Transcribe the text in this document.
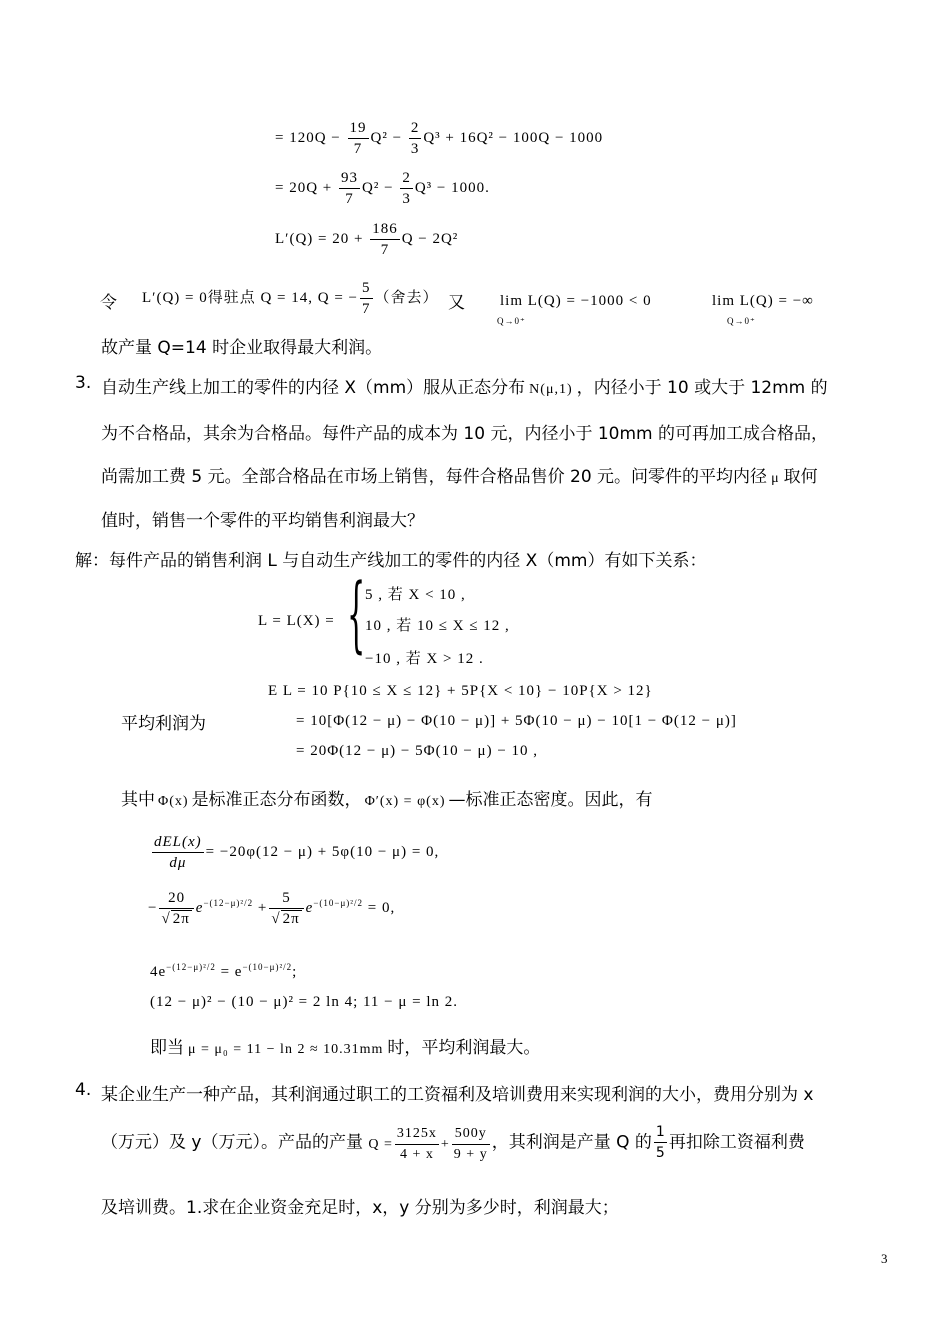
= $120Q - \frac{19}{7} Q^2 - \frac{2}{3} Q^3 + 16Q^2 - 100Q - 1000$
= $20Q + \frac{93}{7} Q^2 - \frac{2}{3} Q^3 - 1000$.
$L'(Q) = 20 + \frac{186}{7}$ Q − 2Q²
令 L′(Q) = 0得驻点 Q = 14, Q = − $\frac{5}{7}$ （舍去） 又 lim L(Q) = −1000 < 0
Q→0⁺
lim L(Q) = −∞
Q→0⁺
故产量 Q=14 时企业取得最大利润。
3. 自动生产线上加工的零件的内径 X（mm）服从正态分布 N(μ,1) ，内径小于 10 或大于 12mm 的
为不合格品，其余为合格品。每件产品的成本为 10 元，内径小于 10mm 的可再加工成合格品，
尚需加工费 5 元。全部合格品在市场上销售，每件合格品售价 20 元。问零件的平均内径 μ 取何
值时，销售一个零件的平均销售利润最大？
解：每件产品的销售利润 L 与自动生产线加工的零件的内径 X（mm）有如下关系：
L = L(X) = { 5 , 若 X < 10 ,
10 , 若 10 ≤ X ≤ 12 ,
−10 , 若 X > 12 .
平均利润为
E L = 10 P{10 ≤ X ≤ 12} + 5P{X < 10} − 10P{X > 12}
= 10[Φ(12 − μ) − Φ(10 − μ)] + 5Φ(10 − μ) − 10[1 − Φ(12 − μ)]
= 20Φ(12 − μ) − 5Φ(10 − μ) − 10 ,
其中 Φ(x) 是标准正态分布函数， Φ′(x) = φ(x) —标准正态密度。因此，有
$\frac{\text{dEL(x)}}{d\mu} = -20\varphi(12 - \mu) + 5\varphi(10 - \mu) = 0$,
− $\frac{20}{√ 2\pi} e^{-(12-\mu)^2/2} + \frac{5}{√ 2\pi} e^{-(10-\mu)^2/2} = 0$,
$4e^{-(12-\mu)^2/2} = e^{-(10-\mu)^2/2}$;
(12 − μ)² − (10 − μ)² = 2 ln 4; 11 − μ = ln 2.
即当 μ = μ₀ = 11 − ln 2 ≈ 10.31mm 时，平均利润最大。
4. 某企业生产一种产品，其利润通过职工的工资福利及培训费用来实现利润的大小，费用分别为 x
（万元）及 y（万元）。产品的产量 $Q = \frac{3125x}{4 + x} + \frac{500y}{9 + y}$ ，其利润是产量 Q 的 $\frac{1}{5}$ 再扣除工资福利费
及培训费。1.求在企业资金充足时，x，y 分别为多少时，利润最大；
3
